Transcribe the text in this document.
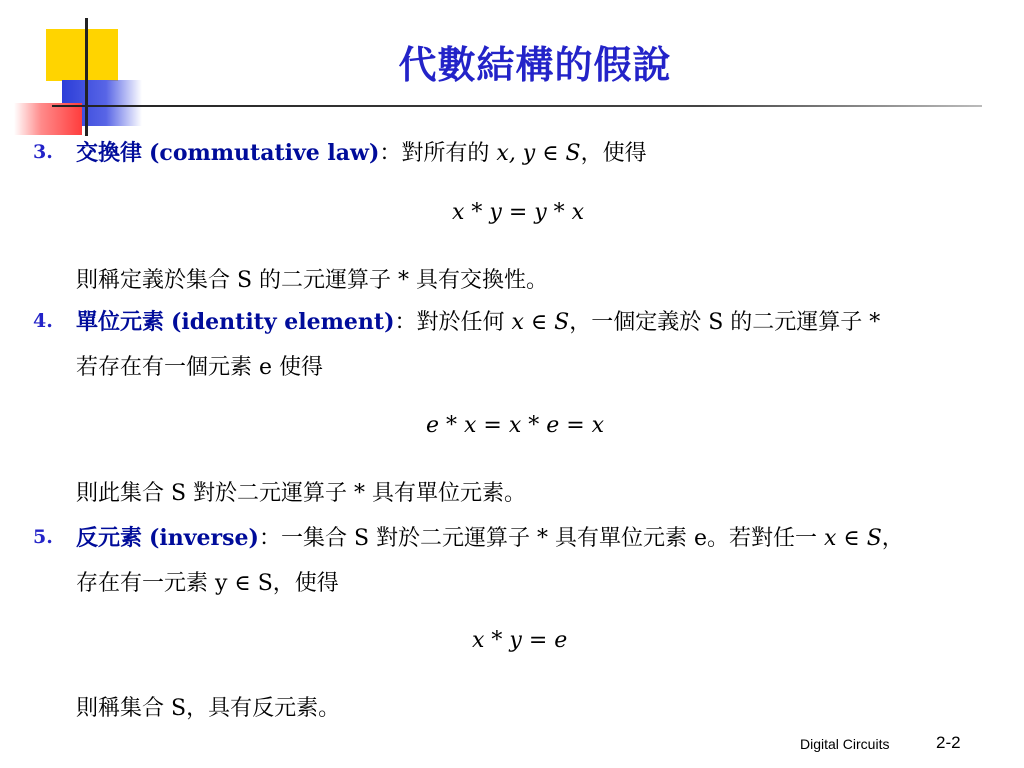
代數結構的假說
3. 交換律 (commutative law)：對所有的 x, y ∈ S，使得
x * y = y * x
則稱定義於集合 S 的二元運算子 * 具有交換性。
4. 單位元素 (identity element)：對於任何 x ∈ S，一個定義於 S 的二元運算子 *
若存在有一個元素 e 使得
e * x = x * e = x
則此集合 S 對於二元運算子 * 具有單位元素。
5. 反元素 (inverse)：一集合 S 對於二元運算子 * 具有單位元素 e。若對任一 x ∈ S，
存在有一元素 y ∈ S，使得
x * y = e
則稱集合 S，具有反元素。
Digital Circuits	2-2
